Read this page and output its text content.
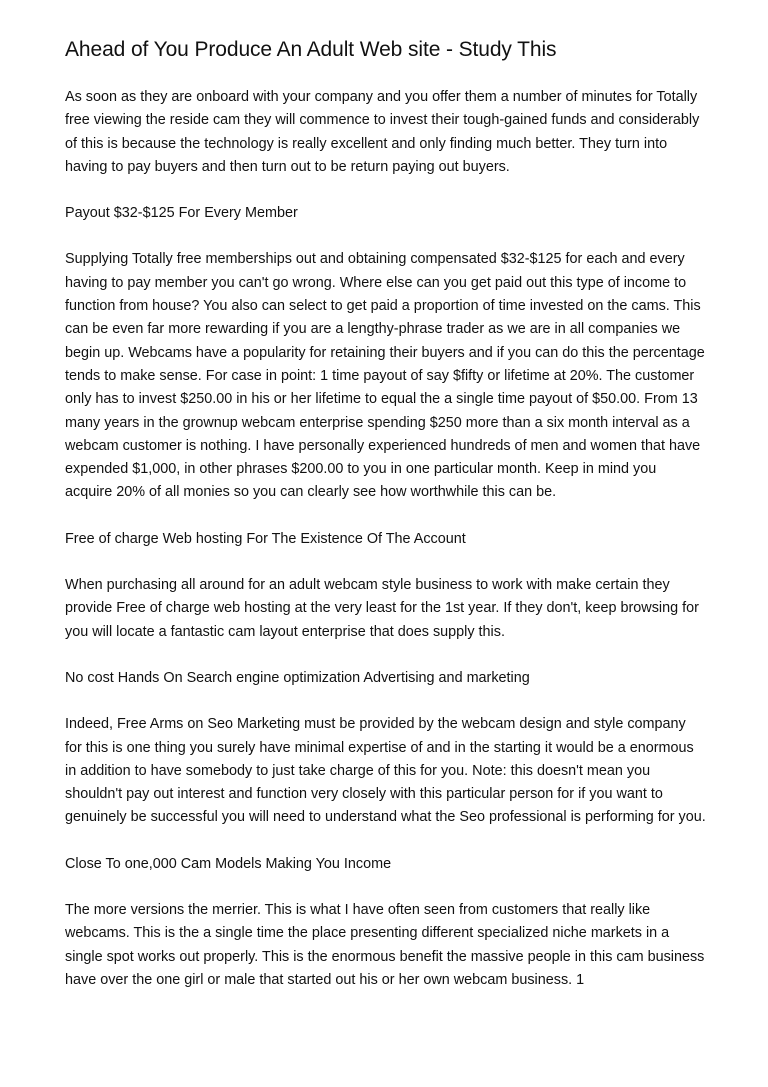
Ahead of You Produce An Adult Web site - Study This
As soon as they are onboard with your company and you offer them a number of minutes for Totally free viewing the reside cam they will commence to invest their tough-gained funds and considerably of this is because the technology is really excellent and only finding much better. They turn into having to pay buyers and then turn out to be return paying out buyers.
Payout $32-$125 For Every Member
Supplying Totally free memberships out and obtaining compensated $32-$125 for each and every having to pay member you can't go wrong. Where else can you get paid out this type of income to function from house? You also can select to get paid a proportion of time invested on the cams. This can be even far more rewarding if you are a lengthy-phrase trader as we are in all companies we begin up. Webcams have a popularity for retaining their buyers and if you can do this the percentage tends to make sense. For case in point: 1 time payout of say $fifty or lifetime at 20%. The customer only has to invest $250.00 in his or her lifetime to equal the a single time payout of $50.00. From 13 many years in the grownup webcam enterprise spending $250 more than a six month interval as a webcam customer is nothing. I have personally experienced hundreds of men and women that have expended $1,000, in other phrases $200.00 to you in one particular month. Keep in mind you acquire 20% of all monies so you can clearly see how worthwhile this can be.
Free of charge Web hosting For The Existence Of The Account
When purchasing all around for an adult webcam style business to work with make certain they provide Free of charge web hosting at the very least for the 1st year. If they don't, keep browsing for you will locate a fantastic cam layout enterprise that does supply this.
No cost Hands On Search engine optimization Advertising and marketing
Indeed, Free Arms on Seo Marketing must be provided by the webcam design and style company for this is one thing you surely have minimal expertise of and in the starting it would be a enormous in addition to have somebody to just take charge of this for you. Note: this doesn't mean you shouldn't pay out interest and function very closely with this particular person for if you want to genuinely be successful you will need to understand what the Seo professional is performing for you.
Close To one,000 Cam Models Making You Income
The more versions the merrier. This is what I have often seen from customers that really like webcams. This is the a single time the place presenting different specialized niche markets in a single spot works out properly. This is the enormous benefit the massive people in this cam business have over the one girl or male that started out his or her own webcam business. 1
